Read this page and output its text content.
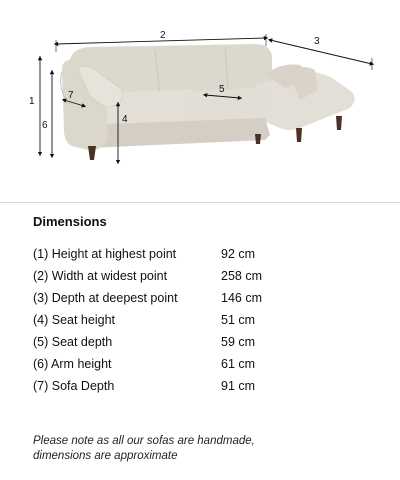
2
3
1
6
7
4
5
Dimensions
(1) Height at highest point	92 cm
(2) Width at widest point	258 cm
(3) Depth at deepest point	146 cm
(4) Seat height	51 cm
(5) Seat depth	59 cm
(6) Arm height	61 cm
(7) Sofa Depth	91 cm
Please note as all our sofas are handmade,
dimensions are approximate
